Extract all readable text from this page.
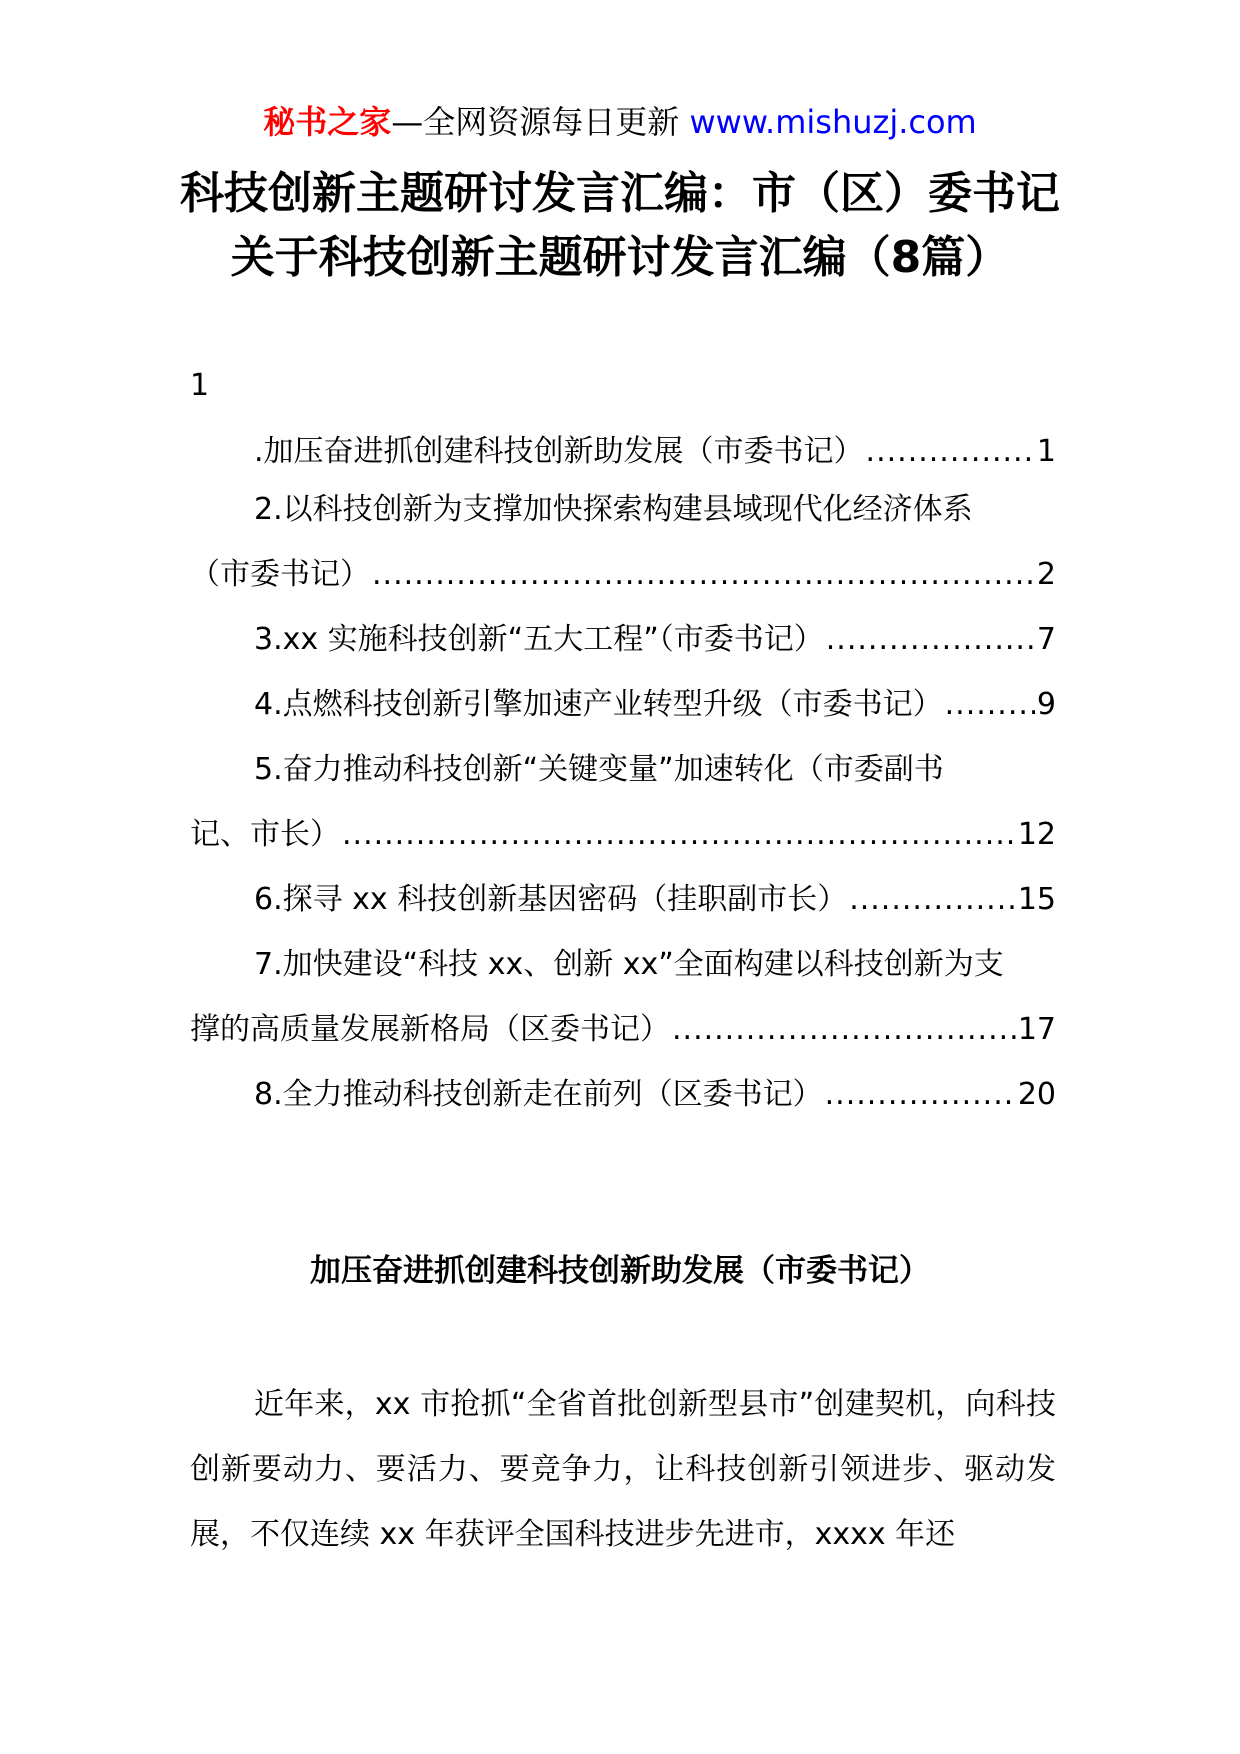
秘书之家—全网资源每日更新 www.mishuzj.com
科技创新主题研讨发言汇编：市（区）委书记关于科技创新主题研讨发言汇编（8篇）
1
.加压奋进抓创建科技创新助发展（市委书记） .....	1
2.以科技创新为支撑加快探索构建县域现代化经济体系
（市委书记） .....	2
3.xx 实施科技创新“五大工程”（市委书记） .....	7
4.点燃科技创新引擎加速产业转型升级（市委书记） .....	9
5.奋力推动科技创新“关键变量”加速转化（市委副书
记、市长） .....	12
6.探寻 xx 科技创新基因密码（挂职副市长） .....	15
7.加快建设“科技 xx、创新 xx”全面构建以科技创新为支
撑的高质量发展新格局（区委书记） .....	17
8.全力推动科技创新走在前列（区委书记） .....	20
加压奋进抓创建科技创新助发展（市委书记）
近年来，xx 市抢抓“全省首批创新型县市”创建契机，向科技创新要动力、要活力、要竞争力，让科技创新引领进步、驱动发展，不仅连续 xx 年获评全国科技进步先进市，xxxx 年还
